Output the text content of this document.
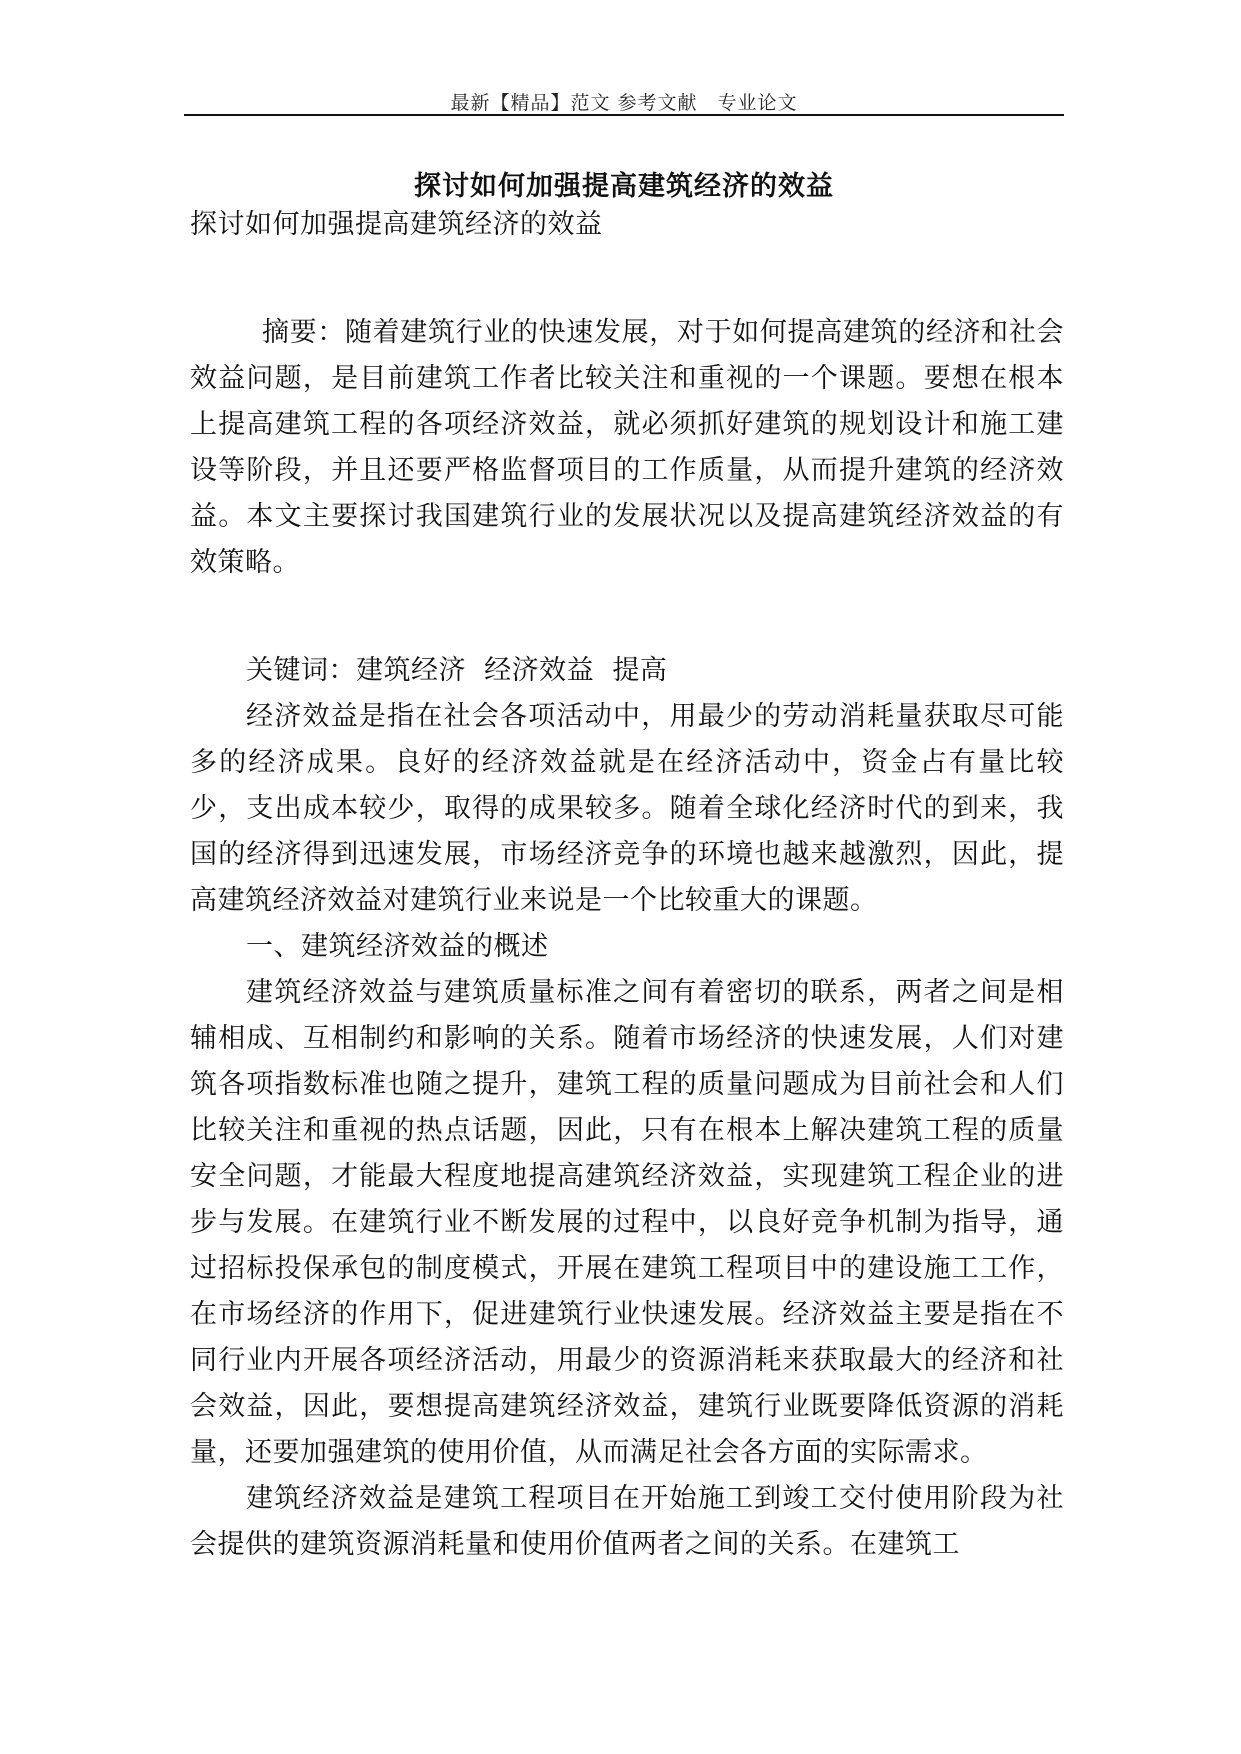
最新【精品】范文 参考文献　专业论文
探讨如何加强提高建筑经济的效益

探讨如何加强提高建筑经济的效益

摘要：随着建筑行业的快速发展，对于如何提高建筑的经济和社会效益问题，是目前建筑工作者比较关注和重视的一个课题。要想在根本上提高建筑工程的各项经济效益，就必须抓好建筑的规划设计和施工建设等阶段，并且还要严格监督项目的工作质量，从而提升建筑的经济效益。本文主要探讨我国建筑行业的发展状况以及提高建筑经济效益的有效策略。

关键词：建筑经济  经济效益  提高

经济效益是指在社会各项活动中，用最少的劳动消耗量获取尽可能多的经济成果。良好的经济效益就是在经济活动中，资金占有量比较少，支出成本较少，取得的成果较多。随着全球化经济时代的到来，我国的经济得到迅速发展，市场经济竞争的环境也越来越激烈，因此，提高建筑经济效益对建筑行业来说是一个比较重大的课题。

一、建筑经济效益的概述

建筑经济效益与建筑质量标准之间有着密切的联系，两者之间是相辅相成、互相制约和影响的关系。随着市场经济的快速发展，人们对建筑各项指数标准也随之提升，建筑工程的质量问题成为目前社会和人们比较关注和重视的热点话题，因此，只有在根本上解决建筑工程的质量安全问题，才能最大程度地提高建筑经济效益，实现建筑工程企业的进步与发展。在建筑行业不断发展的过程中，以良好竞争机制为指导，通过招标投保承包的制度模式，开展在建筑工程项目中的建设施工工作，在市场经济的作用下，促进建筑行业快速发展。经济效益主要是指在不同行业内开展各项经济活动，用最少的资源消耗来获取最大的经济和社会效益，因此，要想提高建筑经济效益，建筑行业既要降低资源的消耗量，还要加强建筑的使用价值，从而满足社会各方面的实际需求。

建筑经济效益是建筑工程项目在开始施工到竣工交付使用阶段为社会提供的建筑资源消耗量和使用价值两者之间的关系。在建筑工
